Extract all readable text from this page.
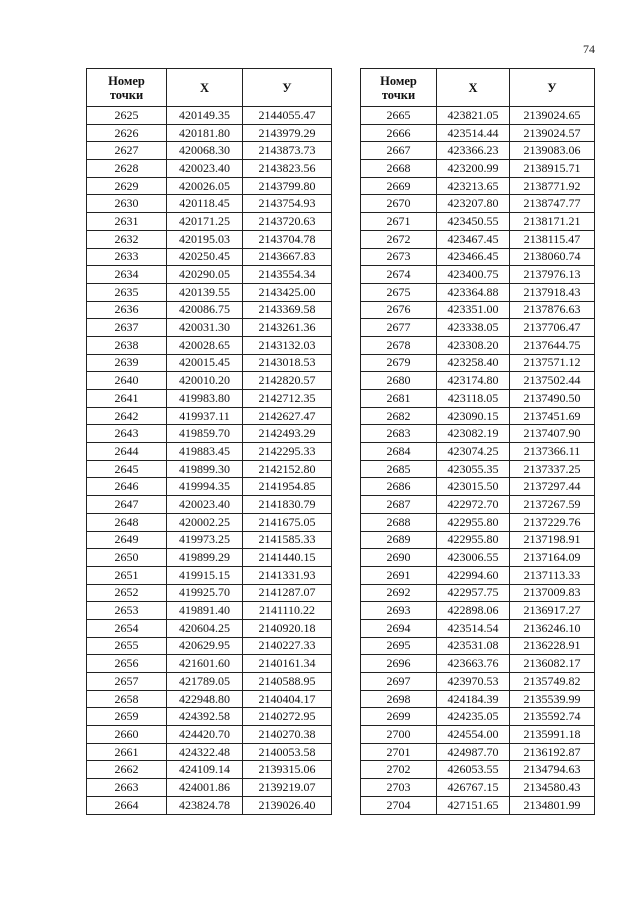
74
Номер
точки	X	У
2625	420149.35	2144055.47
2626	420181.80	2143979.29
2627	420068.30	2143873.73
2628	420023.40	2143823.56
2629	420026.05	2143799.80
2630	420118.45	2143754.93
2631	420171.25	2143720.63
2632	420195.03	2143704.78
2633	420250.45	2143667.83
2634	420290.05	2143554.34
2635	420139.55	2143425.00
2636	420086.75	2143369.58
2637	420031.30	2143261.36
2638	420028.65	2143132.03
2639	420015.45	2143018.53
2640	420010.20	2142820.57
2641	419983.80	2142712.35
2642	419937.11	2142627.47
2643	419859.70	2142493.29
2644	419883.45	2142295.33
2645	419899.30	2142152.80
2646	419994.35	2141954.85
2647	420023.40	2141830.79
2648	420002.25	2141675.05
2649	419973.25	2141585.33
2650	419899.29	2141440.15
2651	419915.15	2141331.93
2652	419925.70	2141287.07
2653	419891.40	2141110.22
2654	420604.25	2140920.18
2655	420629.95	2140227.33
2656	421601.60	2140161.34
2657	421789.05	2140588.95
2658	422948.80	2140404.17
2659	424392.58	2140272.95
2660	424420.70	2140270.38
2661	424322.48	2140053.58
2662	424109.14	2139315.06
2663	424001.86	2139219.07
2664	423824.78	2139026.40
Номер
точки	X	У
2665	423821.05	2139024.65
2666	423514.44	2139024.57
2667	423366.23	2139083.06
2668	423200.99	2138915.71
2669	423213.65	2138771.92
2670	423207.80	2138747.77
2671	423450.55	2138171.21
2672	423467.45	2138115.47
2673	423466.45	2138060.74
2674	423400.75	2137976.13
2675	423364.88	2137918.43
2676	423351.00	2137876.63
2677	423338.05	2137706.47
2678	423308.20	2137644.75
2679	423258.40	2137571.12
2680	423174.80	2137502.44
2681	423118.05	2137490.50
2682	423090.15	2137451.69
2683	423082.19	2137407.90
2684	423074.25	2137366.11
2685	423055.35	2137337.25
2686	423015.50	2137297.44
2687	422972.70	2137267.59
2688	422955.80	2137229.76
2689	422955.80	2137198.91
2690	423006.55	2137164.09
2691	422994.60	2137113.33
2692	422957.75	2137009.83
2693	422898.06	2136917.27
2694	423514.54	2136246.10
2695	423531.08	2136228.91
2696	423663.76	2136082.17
2697	423970.53	2135749.82
2698	424184.39	2135539.99
2699	424235.05	2135592.74
2700	424554.00	2135991.18
2701	424987.70	2136192.87
2702	426053.55	2134794.63
2703	426767.15	2134580.43
2704	427151.65	2134801.99
